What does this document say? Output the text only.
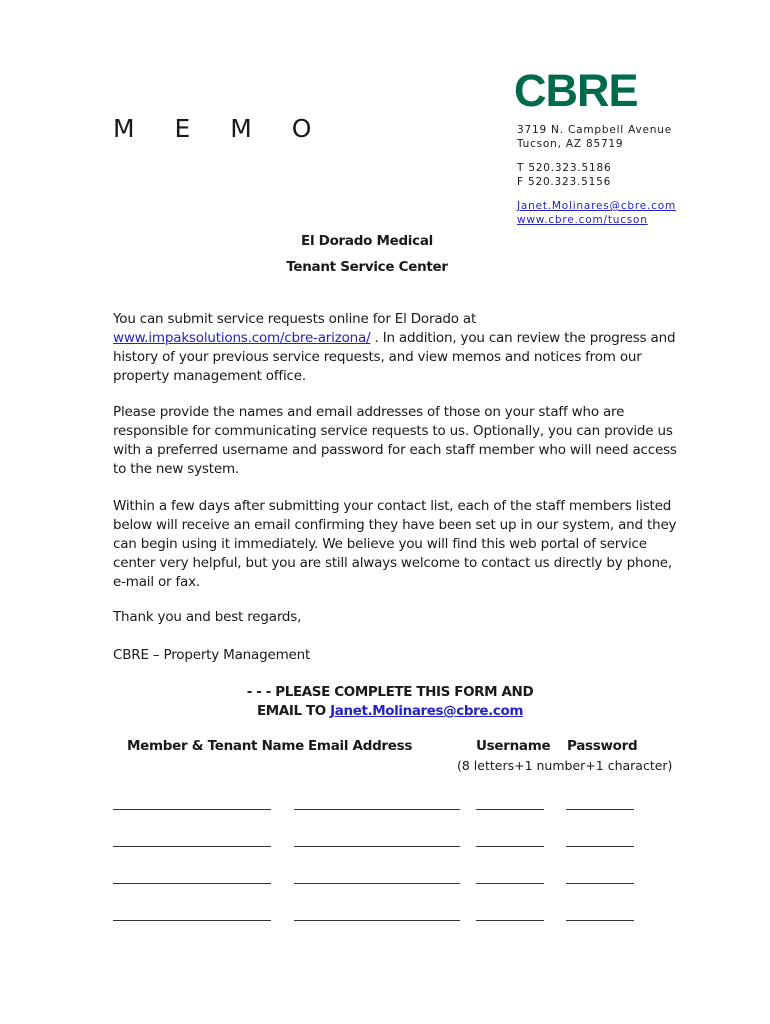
CBRE
M E M O	3719 N. Campbell Avenue
Tucson, AZ 85719
T 520.323.5186
F 520.323.5156
Janet.Molinares@cbre.com
www.cbre.com/tucson
El Dorado Medical
Tenant Service Center
You can submit service requests online for El Dorado at www.impaksolutions.com/cbre-arizona/ . In addition, you can review the progress and history of your previous service requests, and view memos and notices from our property management office.
Please provide the names and email addresses of those on your staff who are responsible for communicating service requests to us. Optionally, you can provide us with a preferred username and password for each staff member who will need access to the new system.
Within a few days after submitting your contact list, each of the staff members listed below will receive an email confirming they have been set up in our system, and they can begin using it immediately. We believe you will find this web portal of service center very helpful, but you are still always welcome to contact us directly by phone, e-mail or fax.
Thank you and best regards,
CBRE – Property Management
- - - PLEASE COMPLETE THIS FORM AND
EMAIL TO Janet.Molinares@cbre.com
Member & Tenant Name Email Address	Username Password
(8 letters+1 number+1 character)
